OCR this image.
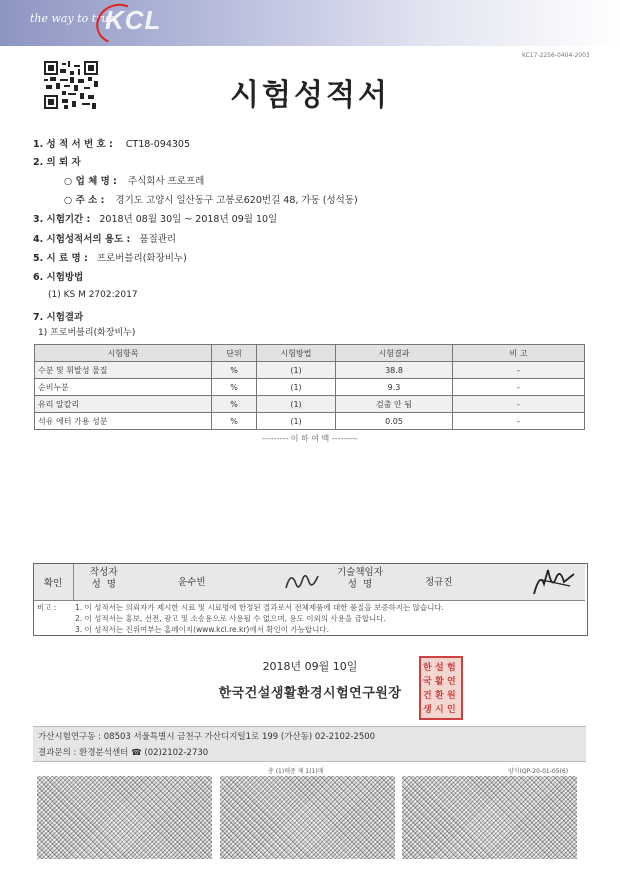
the way to trust
KCL
KC17-2256-0404-2003
시험성적서
1. 성 적 서 번 호 : CT18-094305
2. 의 뢰 자
○ 업 체 명 : 주식회사 프로프레
○ 주 소 : 경기도 고양시 일산동구 고봉로620번길 48, 가동 (성석동)
3. 시험기간 : 2018년 08월 30일 ~ 2018년 09월 10일
4. 시험성적서의 용도 : 품질관리
5. 시 료 명 : 프로버블리(화장비누)
6. 시험방법
(1) KS M 2702:2017
7. 시험결과
1) 프로버블리(화장비누)
시험항목	단위	시험방법	시험결과	비 고
수분 및 휘발성 물질	%	(1)	38.8	-
순비누분	%	(1)	9.3	-
유리 알칼리	%	(1)	검출 안 됨	-
석유 에터 가용 성분	%	(1)	0.05	-
--------- 이 하 여 백 ---------
확인
작성자
성  명	윤수빈
기술책임자
성  명	정규진
비고 : 1. 이 성적서는 의뢰자가 제시한 시료 및 시료명에 한정된 결과로서 전체제품에 대한 품질을 보증하지는 않습니다.
2. 이 성적서는 홍보, 선전, 광고 및 소송용으로 사용될 수 없으며, 용도 이외의 사용을 금합니다.
3. 이 성적서는 진위여부는 홈페이지(www.kcl.re.kr)에서 확인이 가능합니다.
2018년 09월 10일	한 설 험
국 활 연
건 환 원
생 시 인
한국건설생활환경시험연구원장
가산시험연구동 : 08503 서울특별시 금천구 가산디지털1로 199 (가산동) 02-2102-2500
결과문의 : 환경분석센터 ☎ (02)2102-2730
총 (1)매중 제 1(1)매	양식(QP-20-01-05(6)
